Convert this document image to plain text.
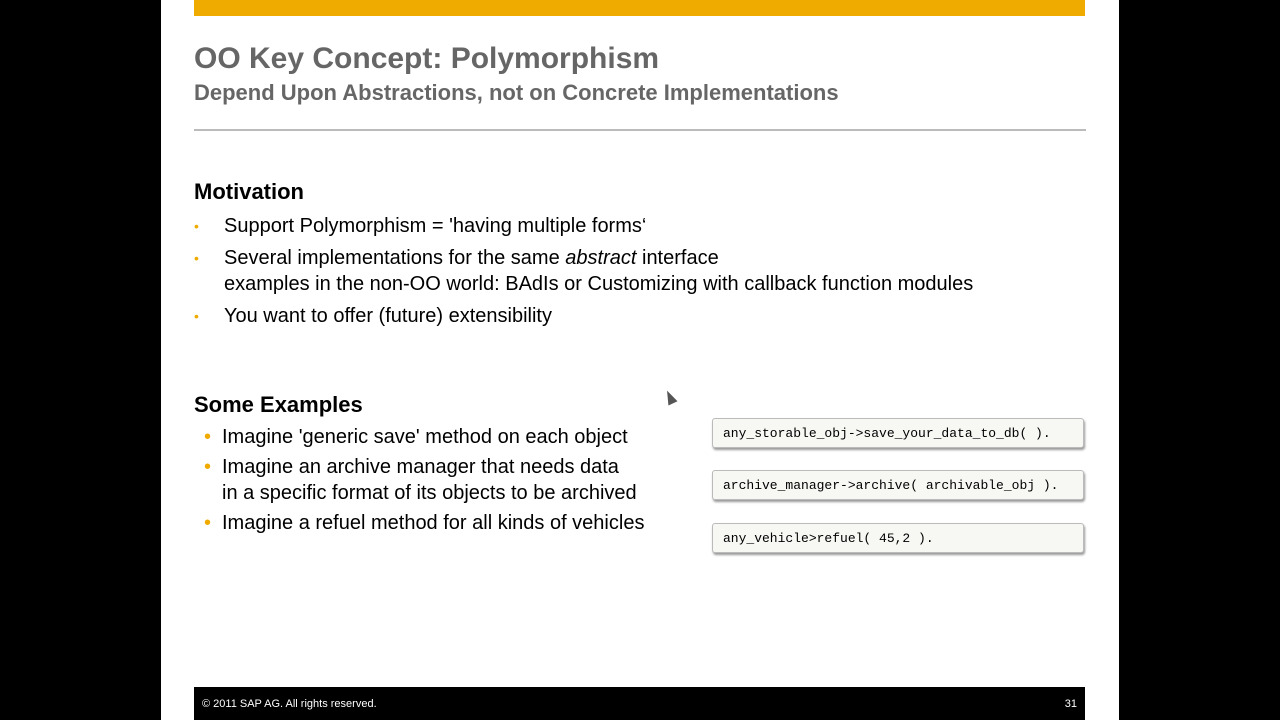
OO Key Concept: Polymorphism
Depend Upon Abstractions, not on Concrete Implementations
Motivation
• Support Polymorphism = 'having multiple forms‘
• Several implementations for the same abstract interface
examples in the non-OO world: BAdIs or Customizing with callback function modules
• You want to offer (future) extensibility
Some Examples
• Imagine 'generic save' method on each object
• Imagine an archive manager that needs data
in a specific format of its objects to be archived
• Imagine a refuel method for all kinds of vehicles
any_storable_obj->save_your_data_to_db( ).
archive_manager->archive( archivable_obj ).
any_vehicle>refuel( 45,2 ).
© 2011 SAP AG. All rights reserved.	31
